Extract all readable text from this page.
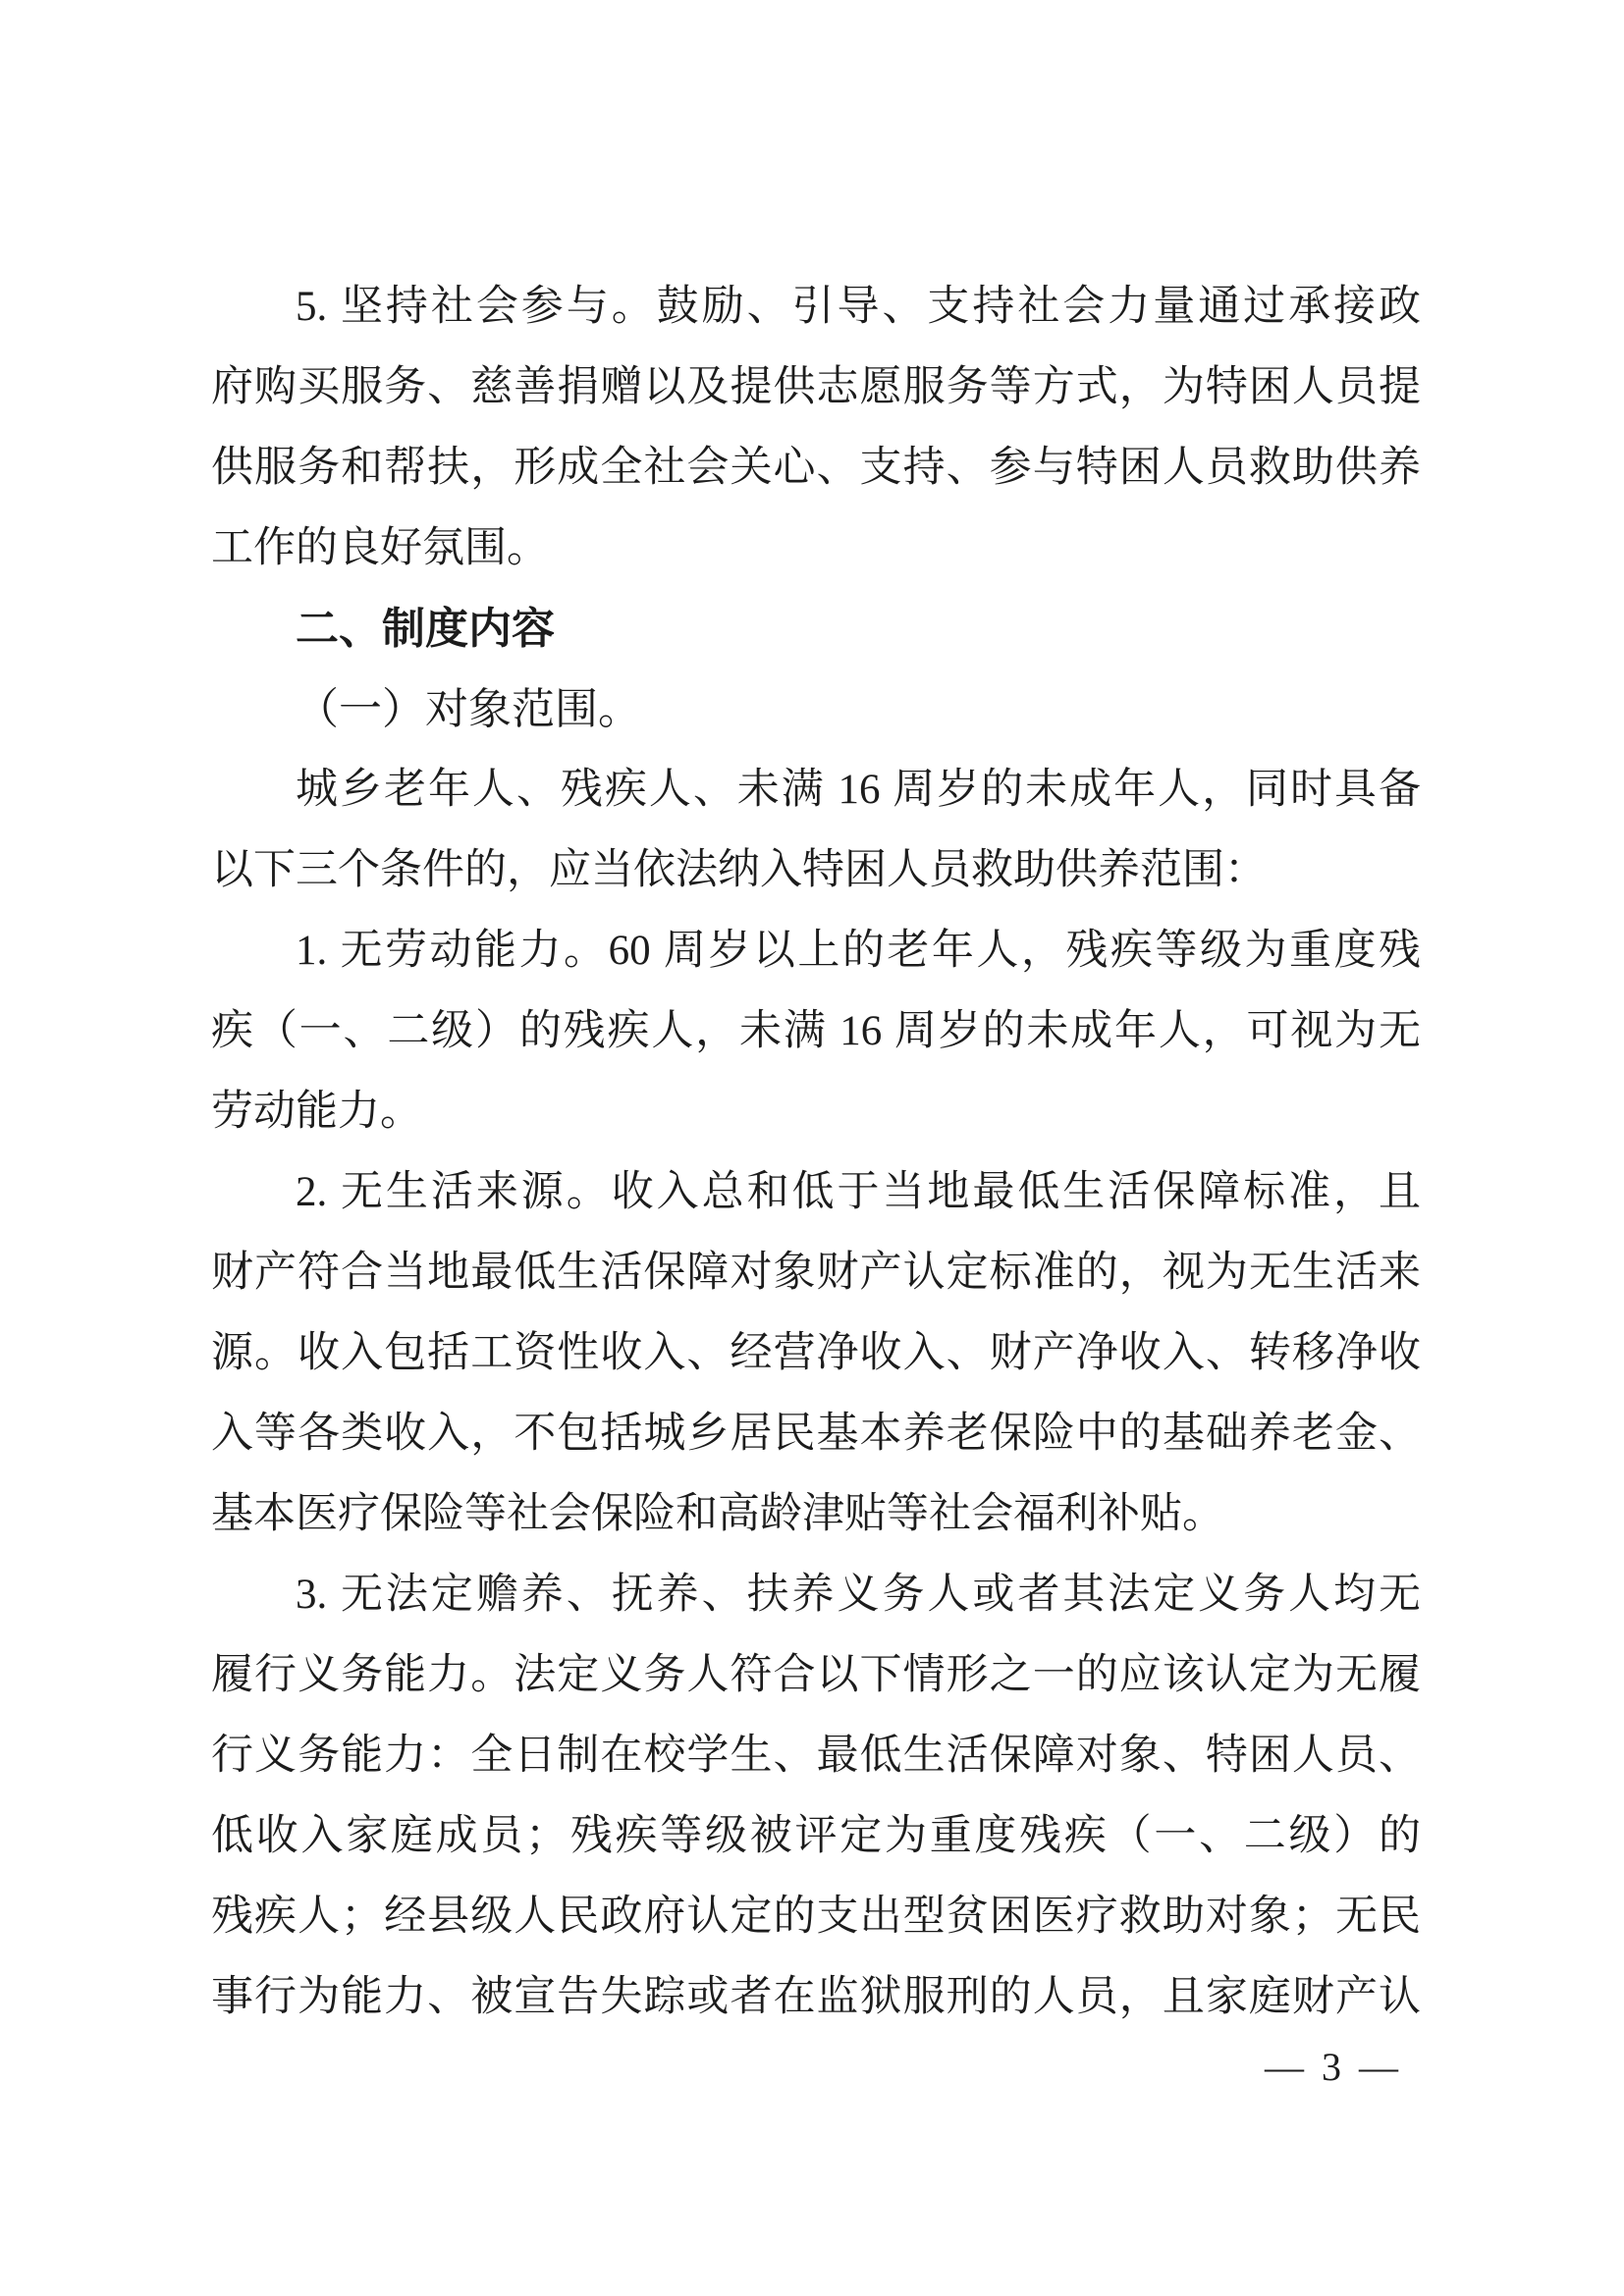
5. 坚持社会参与。鼓励、引导、支持社会力量通过承接政

府购买服务、慈善捐赠以及提供志愿服务等方式，为特困人员提

供服务和帮扶，形成全社会关心、支持、参与特困人员救助供养

工作的良好氛围。

二、制度内容

（一）对象范围。

城乡老年人、残疾人、未满 16 周岁的未成年人，同时具备

以下三个条件的，应当依法纳入特困人员救助供养范围：

1. 无劳动能力。60 周岁以上的老年人，残疾等级为重度残

疾（一、二级）的残疾人，未满 16 周岁的未成年人，可视为无

劳动能力。

2. 无生活来源。收入总和低于当地最低生活保障标准，且

财产符合当地最低生活保障对象财产认定标准的，视为无生活来

源。收入包括工资性收入、经营净收入、财产净收入、转移净收

入等各类收入，不包括城乡居民基本养老保险中的基础养老金、

基本医疗保险等社会保险和高龄津贴等社会福利补贴。

3. 无法定赡养、抚养、扶养义务人或者其法定义务人均无

履行义务能力。法定义务人符合以下情形之一的应该认定为无履

行义务能力：全日制在校学生、最低生活保障对象、特困人员、

低收入家庭成员；残疾等级被评定为重度残疾（一、二级）的

残疾人；经县级人民政府认定的支出型贫困医疗救助对象；无民

事行为能力、被宣告失踪或者在监狱服刑的人员，且家庭财产认

— 3 —
